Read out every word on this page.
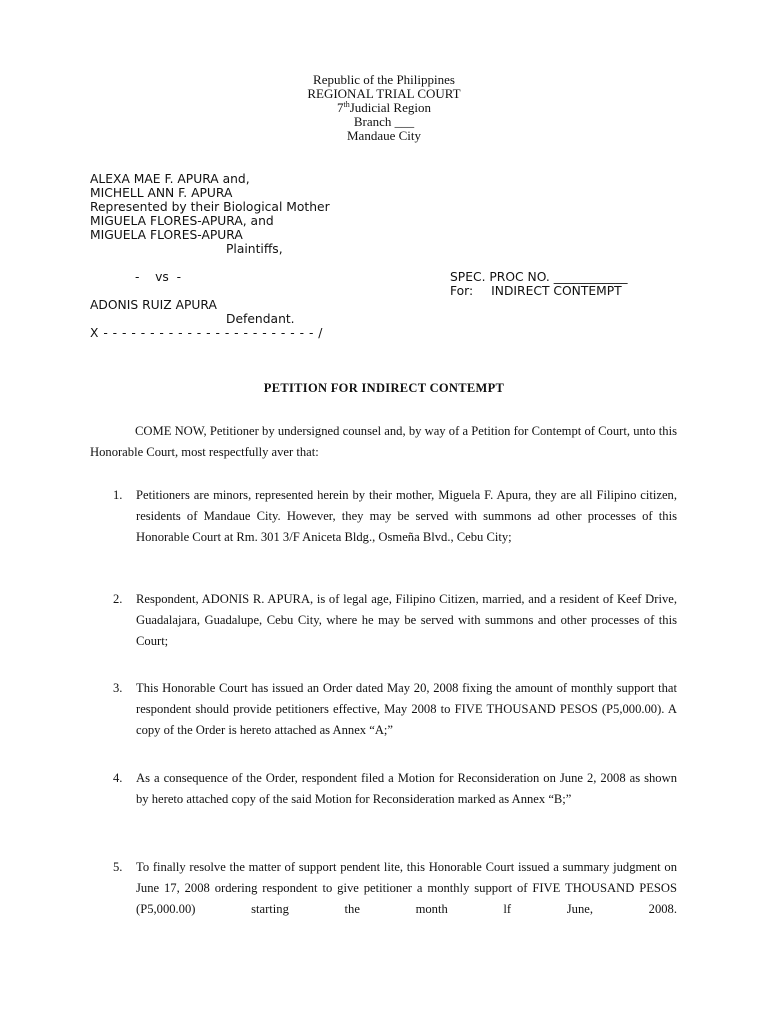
Republic of the Philippines
REGIONAL TRIAL COURT
7thJudicial Region
Branch ___
Mandaue City
ALEXA MAE F. APURA and,
MICHELL ANN F. APURA
Represented by their Biological Mother
MIGUELA FLORES-APURA, and
MIGUELA FLORES-APURA
Plaintiffs,
-    vs  -	SPEC. PROC NO. ____________
For: INDIRECT CONTEMPT
ADONIS RUIZ APURA
Defendant.
X - - - - - - - - - - - - - - - - - - - - - - - /
PETITION FOR INDIRECT CONTEMPT
COME NOW, Petitioner by undersigned counsel and, by way of a Petition for Contempt of Court, unto this Honorable Court, most respectfully aver that:
1.	Petitioners are minors, represented herein by their mother, Miguela F. Apura, they are all Filipino citizen, residents of Mandaue City. However, they may be served with summons ad other processes of this Honorable Court at Rm. 301 3/F Aniceta Bldg., Osmeña Blvd., Cebu City;
2.	Respondent, ADONIS R. APURA, is of legal age, Filipino Citizen, married, and a resident of Keef Drive, Guadalajara, Guadalupe, Cebu City, where he may be served with summons and other processes of this Court;
3.	This Honorable Court has issued an Order dated May 20, 2008 fixing the amount of monthly support that respondent should provide petitioners effective, May 2008 to FIVE THOUSAND PESOS (P5,000.00). A copy of the Order is hereto attached as Annex “A;”
4.	As a consequence of the Order, respondent filed a Motion for Reconsideration on June 2, 2008 as shown by hereto attached copy of the said Motion for Reconsideration marked as Annex “B;”
5.	To finally resolve the matter of support pendent lite, this Honorable Court issued a summary judgment on June 17, 2008 ordering respondent to give petitioner a monthly support of FIVE THOUSAND PESOS (P5,000.00) starting the month lf June, 2008.
